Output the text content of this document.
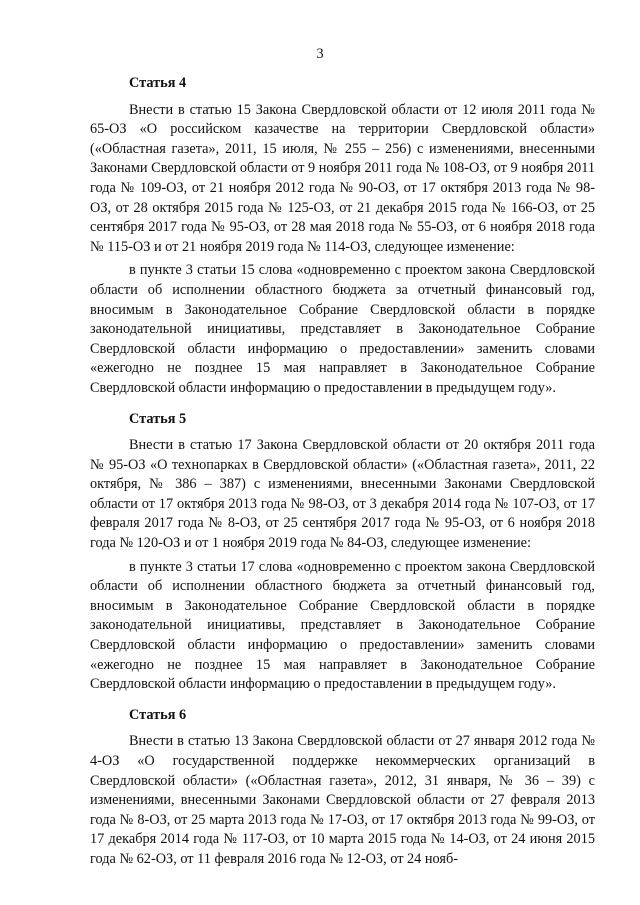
3
Статья 4

Внести в статью 15 Закона Свердловской области от 12 июля 2011 года № 65-ОЗ «О российском казачестве на территории Свердловской области» («Областная газета», 2011, 15 июля, № 255 – 256) с изменениями, внесенными Законами Свердловской области от 9 ноября 2011 года № 108-ОЗ, от 9 ноября 2011 года № 109-ОЗ, от 21 ноября 2012 года № 90-ОЗ, от 17 октября 2013 года № 98-ОЗ, от 28 октября 2015 года № 125-ОЗ, от 21 декабря 2015 года № 166-ОЗ, от 25 сентября 2017 года № 95-ОЗ, от 28 мая 2018 года № 55-ОЗ, от 6 ноября 2018 года № 115-ОЗ и от 21 ноября 2019 года № 114-ОЗ, следующее изменение:

в пункте 3 статьи 15 слова «одновременно с проектом закона Свердловской области об исполнении областного бюджета за отчетный финансовый год, вносимым в Законодательное Собрание Свердловской области в порядке законодательной инициативы, представляет в Законодательное Собрание Свердловской области информацию о предоставлении» заменить словами «ежегодно не позднее 15 мая направляет в Законодательное Собрание Свердловской области информацию о предоставлении в предыдущем году».

Статья 5

Внести в статью 17 Закона Свердловской области от 20 октября 2011 года № 95-ОЗ «О технопарках в Свердловской области» («Областная газета», 2011, 22 октября, № 386 – 387) с изменениями, внесенными Законами Свердловской области от 17 октября 2013 года № 98-ОЗ, от 3 декабря 2014 года № 107-ОЗ, от 17 февраля 2017 года № 8-ОЗ, от 25 сентября 2017 года № 95-ОЗ, от 6 ноября 2018 года № 120-ОЗ и от 1 ноября 2019 года № 84-ОЗ, следующее изменение:

в пункте 3 статьи 17 слова «одновременно с проектом закона Свердловской области об исполнении областного бюджета за отчетный финансовый год, вносимым в Законодательное Собрание Свердловской области в порядке законодательной инициативы, представляет в Законодательное Собрание Свердловской области информацию о предоставлении» заменить словами «ежегодно не позднее 15 мая направляет в Законодательное Собрание Свердловской области информацию о предоставлении в предыдущем году».

Статья 6

Внести в статью 13 Закона Свердловской области от 27 января 2012 года № 4-ОЗ «О государственной поддержке некоммерческих организаций в Свердловской области» («Областная газета», 2012, 31 января, № 36 – 39) с изменениями, внесенными Законами Свердловской области от 27 февраля 2013 года № 8-ОЗ, от 25 марта 2013 года № 17-ОЗ, от 17 октября 2013 года № 99-ОЗ, от 17 декабря 2014 года № 117-ОЗ, от 10 марта 2015 года № 14-ОЗ, от 24 июня 2015 года № 62-ОЗ, от 11 февраля 2016 года № 12-ОЗ, от 24 нояб-
